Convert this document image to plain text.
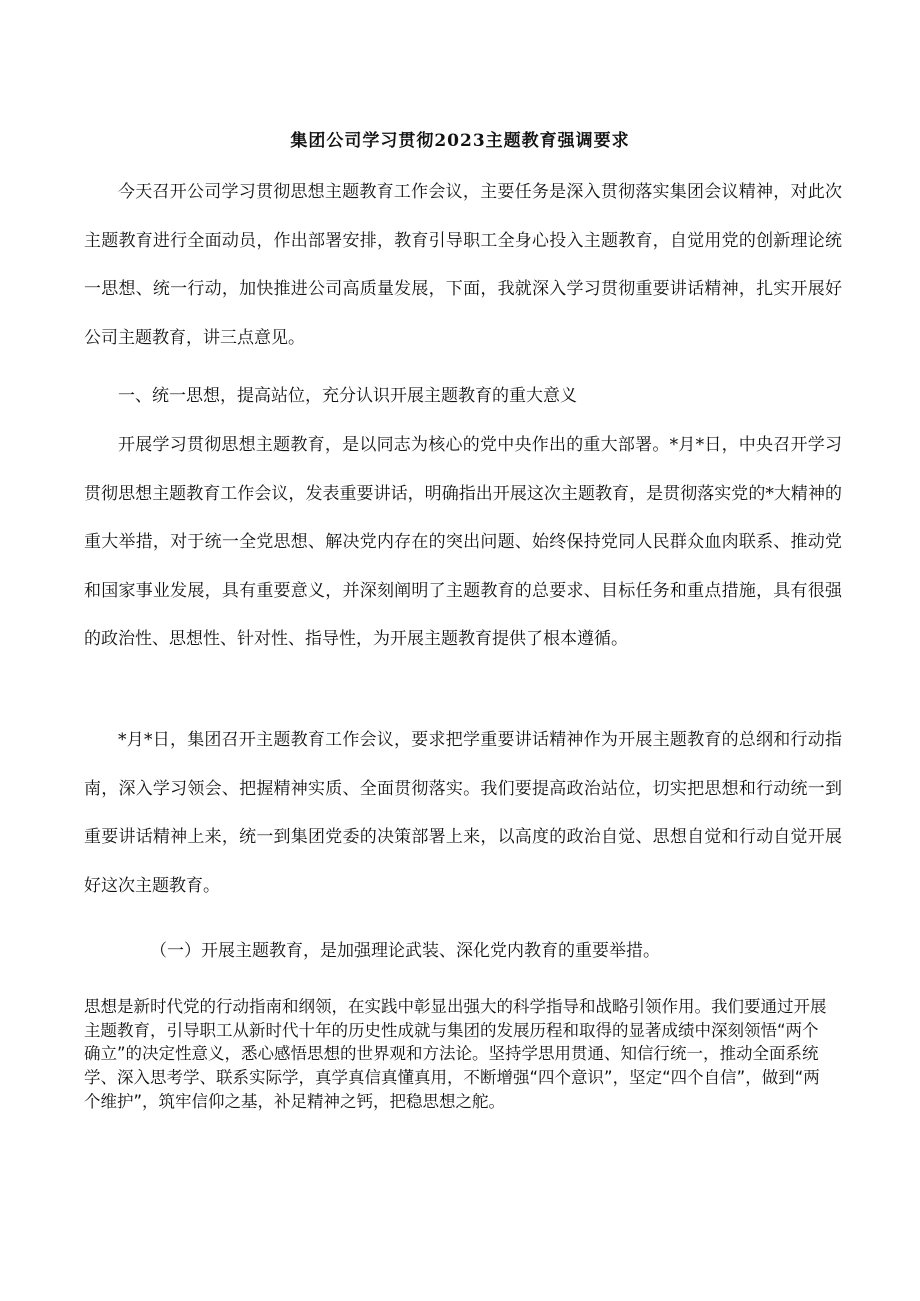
集团公司学习贯彻2023主题教育强调要求

今天召开公司学习贯彻思想主题教育工作会议，主要任务是深入贯彻落实集团会议精神，对此次主题教育进行全面动员，作出部署安排，教育引导职工全身心投入主题教育，自觉用党的创新理论统一思想、统一行动，加快推进公司高质量发展，下面，我就深入学习贯彻重要讲话精神，扎实开展好公司主题教育，讲三点意见。

一、统一思想，提高站位，充分认识开展主题教育的重大意义

开展学习贯彻思想主题教育，是以同志为核心的党中央作出的重大部署。*月*日，中央召开学习贯彻思想主题教育工作会议，发表重要讲话，明确指出开展这次主题教育，是贯彻落实党的*大精神的重大举措，对于统一全党思想、解决党内存在的突出问题、始终保持党同人民群众血肉联系、推动党和国家事业发展，具有重要意义，并深刻阐明了主题教育的总要求、目标任务和重点措施，具有很强的政治性、思想性、针对性、指导性，为开展主题教育提供了根本遵循。

*月*日，集团召开主题教育工作会议，要求把学重要讲话精神作为开展主题教育的总纲和行动指南，深入学习领会、把握精神实质、全面贯彻落实。我们要提高政治站位，切实把思想和行动统一到重要讲话精神上来，统一到集团党委的决策部署上来，以高度的政治自觉、思想自觉和行动自觉开展好这次主题教育。

（一）开展主题教育，是加强理论武装、深化党内教育的重要举措。

思想是新时代党的行动指南和纲领，在实践中彰显出强大的科学指导和战略引领作用。我们要通过开展主题教育，引导职工从新时代十年的历史性成就与集团的发展历程和取得的显著成绩中深刻领悟“两个确立”的决定性意义，悉心感悟思想的世界观和方法论。坚持学思用贯通、知信行统一，推动全面系统学、深入思考学、联系实际学，真学真信真懂真用，不断增强“四个意识”，坚定“四个自信”，做到“两个维护”，筑牢信仰之基，补足精神之钙，把稳思想之舵。
